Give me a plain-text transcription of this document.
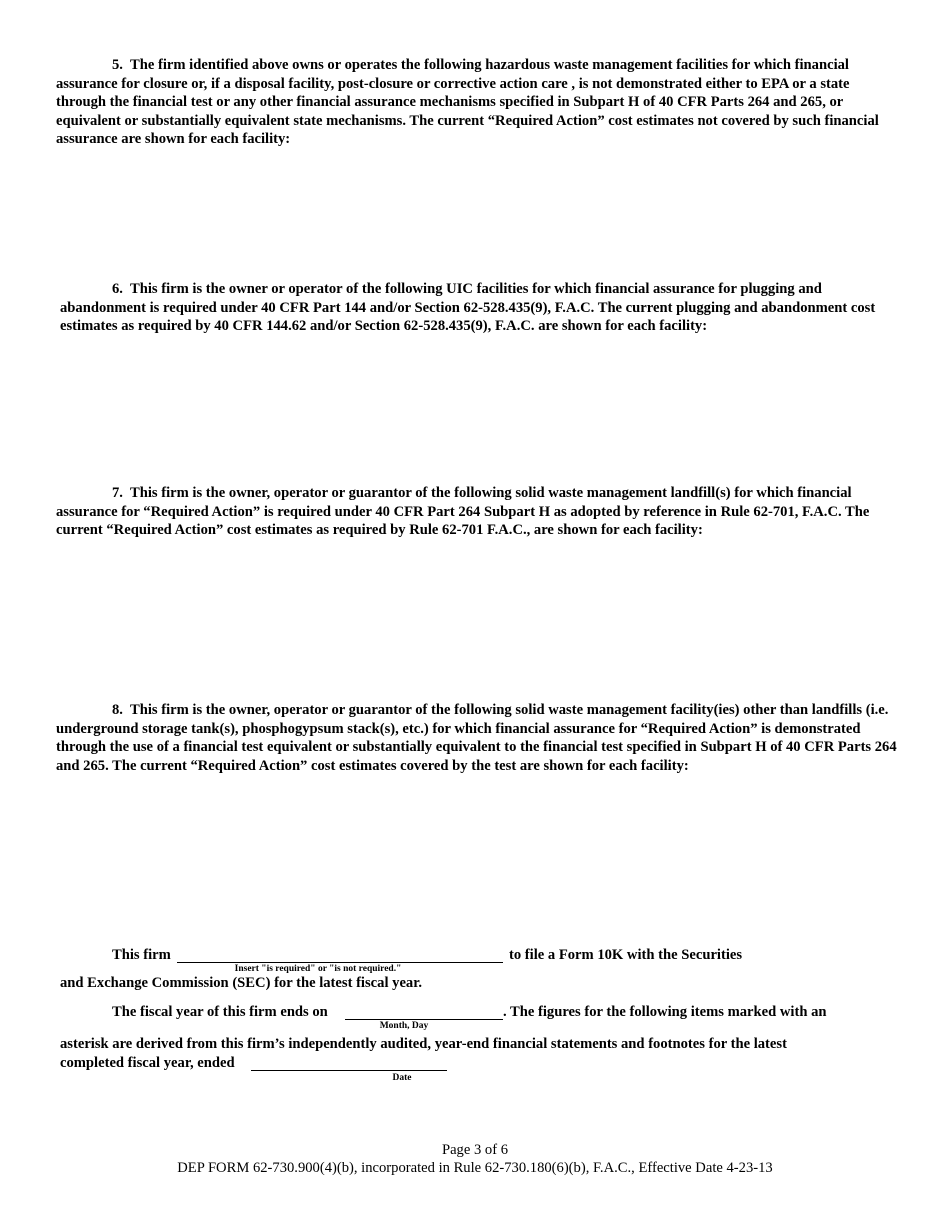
5. The firm identified above owns or operates the following hazardous waste management facilities for which financial assurance for closure or, if a disposal facility, post-closure or corrective action care , is not demonstrated either to EPA or a state through the financial test or any other financial assurance mechanisms specified in Subpart H of 40 CFR Parts 264 and 265, or equivalent or substantially equivalent state mechanisms. The current “Required Action” cost estimates not covered by such financial assurance are shown for each facility:

6. This firm is the owner or operator of the following UIC facilities for which financial assurance for plugging and abandonment is required under 40 CFR Part 144 and/or Section 62-528.435(9), F.A.C. The current plugging and abandonment cost estimates as required by 40 CFR 144.62 and/or Section 62-528.435(9), F.A.C. are shown for each facility:

7. This firm is the owner, operator or guarantor of the following solid waste management landfill(s) for which financial assurance for “Required Action” is required under 40 CFR Part 264 Subpart H as adopted by reference in Rule 62-701, F.A.C. The current “Required Action” cost estimates as required by Rule 62-701 F.A.C., are shown for each facility:

8. This firm is the owner, operator or guarantor of the following solid waste management facility(ies) other than landfills (i.e. underground storage tank(s), phosphogypsum stack(s), etc.) for which financial assurance for “Required Action” is demonstrated through the use of a financial test equivalent or substantially equivalent to the financial test specified in Subpart H of 40 CFR Parts 264 and 265. The current “Required Action” cost estimates covered by the test are shown for each facility:

This firm	to file a Form 10K with the Securities
Insert "is required" or "is not required."
and Exchange Commission (SEC) for the latest fiscal year.
The fiscal year of this firm ends on	. The figures for the following items marked with an
Month, Day
asterisk are derived from this firm’s independently audited, year-end financial statements and footnotes for the latest
completed fiscal year, ended
Date
Page 3 of 6
DEP FORM 62-730.900(4)(b), incorporated in Rule 62-730.180(6)(b), F.A.C., Effective Date 4-23-13
